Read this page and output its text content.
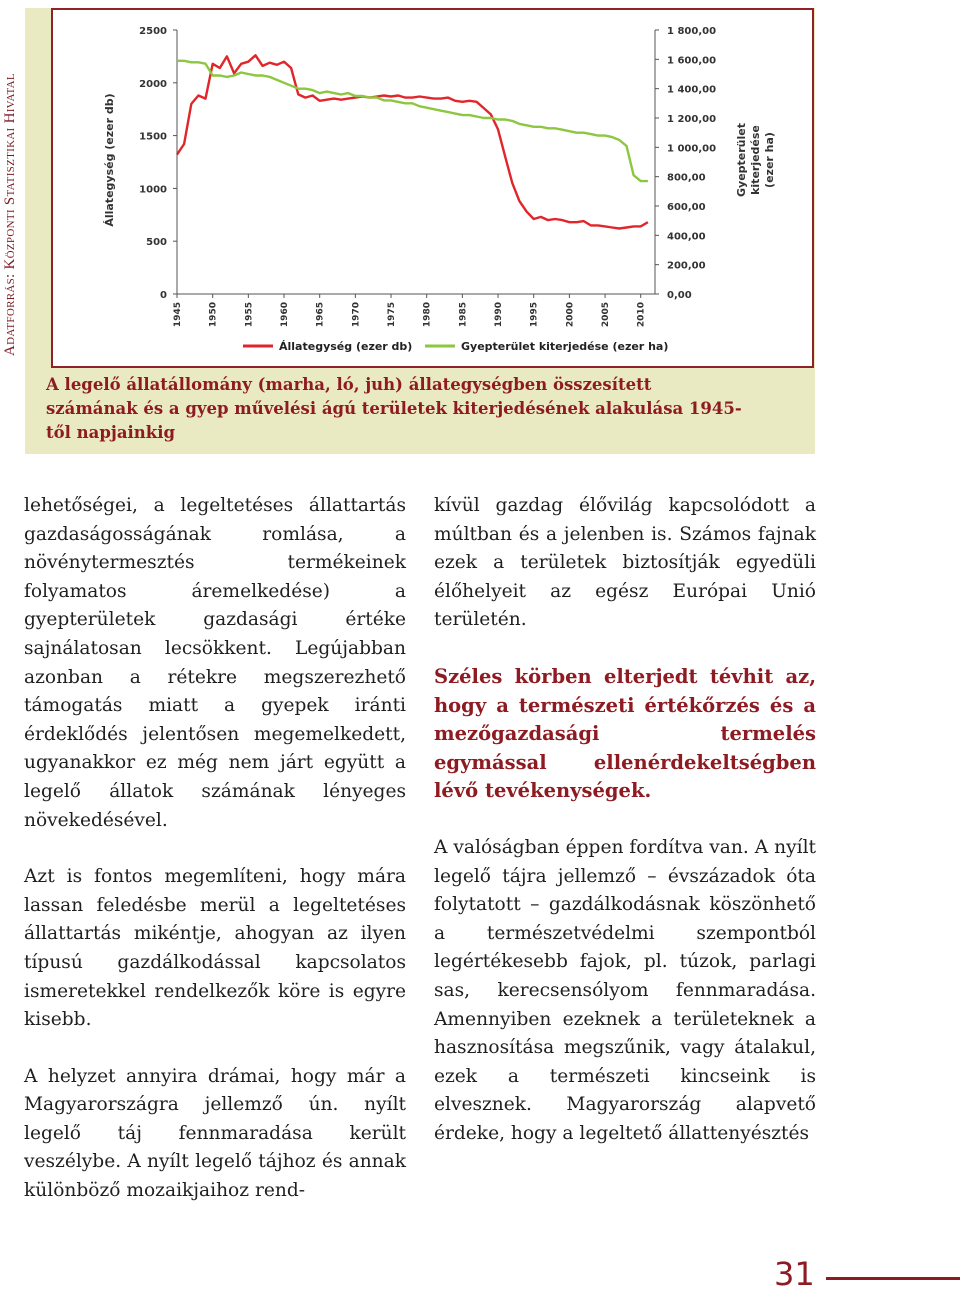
Adatforrás: Központi Statisztikai Hivatal
2500
2000
1500
1000
500
0
1 800,00
1 600,00
1 400,00
1 200,00
1 000,00
800,00
600,00
400,00
200,00
0,00
1945	1950	1955	1960	1965	1970	1975	1980	1985	1990	1995	2000	2005	2010
Állategység (ezer db)	Gyepterület kiterjedése (ezer ha)
Állategység (ezer db)	Gyepterület kiterjedése (ezer ha)
A legelő állatállomány (marha, ló, juh) állategységben összesített számának és a gyep művelési ágú területek kiterjedésének alakulása 1945-től napjainkig

lehetőségei, a legeltetéses állattartás gazdaságosságának romlása, a növénytermesztés termékeinek folyamatos áremelkedése) a gyepterületek gazdasági értéke sajnálatosan lecsökkent. Legújabban azonban a rétekre megszerezhető támogatás miatt a gyepek iránti érdeklődés jelentősen megemelkedett, ugyanakkor ez még nem járt együtt a legelő állatok számának lényeges növekedésével.

Azt is fontos megemlíteni, hogy mára lassan feledésbe merül a legeltetéses állattartás mikéntje, ahogyan az ilyen típusú gazdálkodással kapcsolatos ismeretekkel rendelkezők köre is egyre kisebb.

A helyzet annyira drámai, hogy már a Magyarországra jellemző ún. nyílt legelő táj fennmaradása került veszélybe. A nyílt legelő tájhoz és annak különböző mozaikjaihoz rend-

kívül gazdag élővilág kapcsolódott a múltban és a jelenben is. Számos fajnak ezek a területek biztosítják egyedüli élőhelyeit az egész Európai Unió területén.

Széles körben elterjedt tévhit az, hogy a természeti értékőrzés és a mezőgazdasági termelés egymással ellenérdekeltségben lévő tevékenységek.

A valóságban éppen fordítva van. A nyílt legelő tájra jellemző – évszázadok óta folytatott – gazdálkodásnak köszönhető a természetvédelmi szempontból legértékesebb fajok, pl. túzok, parlagi sas, kerecsensólyom fennmaradása. Amennyiben ezeknek a területeknek a hasznosítása megszűnik, vagy átalakul, ezek a természeti kincseink is elvesznek. Magyarország alapvető érdeke, hogy a legeltető állattenyésztés

31
